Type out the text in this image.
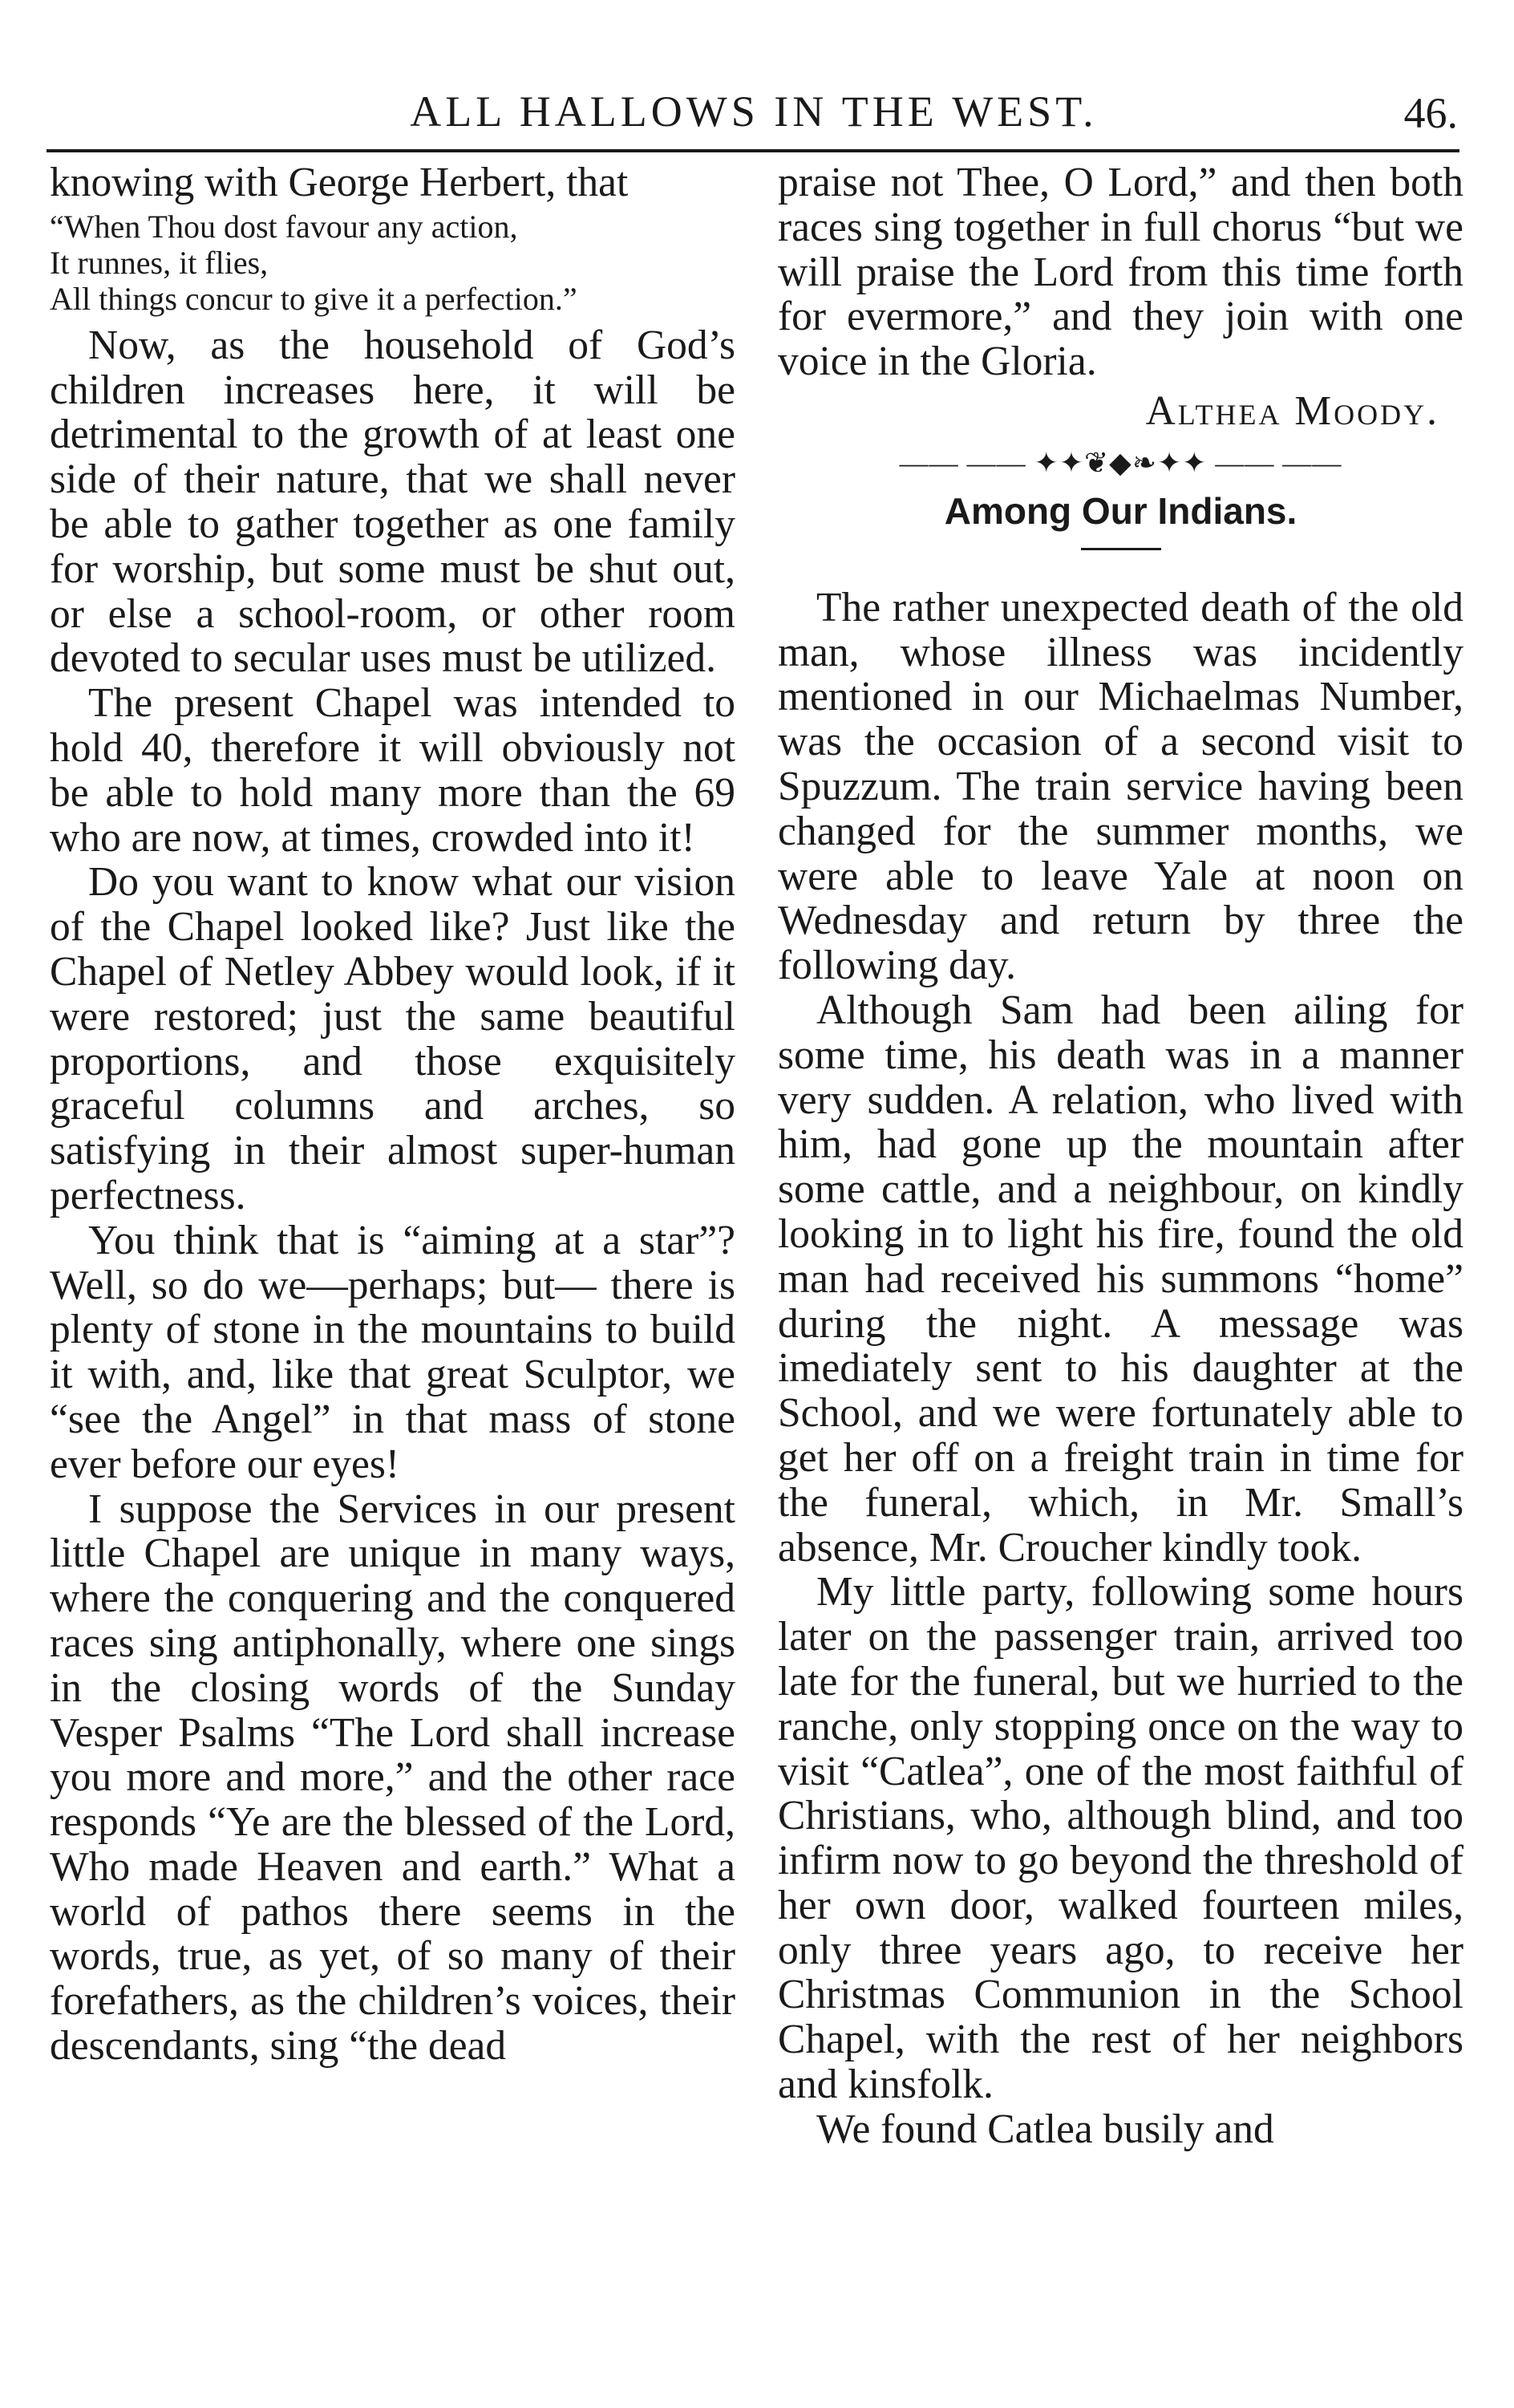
ALL HALLOWS IN THE WEST.	46.

knowing with George Herbert, that

“When Thou dost favour any action,
It runnes, it flies,
All things concur to give it a perfection.”

Now, as the household of God’s children increases here, it will be detrimental to the growth of at least one side of their nature, that we shall never be able to gather together as one family for worship, but some must be shut out, or else a school-room, or other room devoted to secular uses must be utilized.

The present Chapel was intended to hold 40, therefore it will obviously not be able to hold many more than the 69 who are now, at times, crowded into it!

Do you want to know what our vision of the Chapel looked like? Just like the Chapel of Netley Abbey would look, if it were restored; just the same beautiful proportions, and those exquisitely graceful columns and arches, so satisfying in their almost super-human perfectness.

You think that is “aiming at a star”? Well, so do we—perhaps; but— there is plenty of stone in the mountains to build it with, and, like that great Sculptor, we “see the Angel” in that mass of stone ever before our eyes!

I suppose the Services in our present little Chapel are unique in many ways, where the conquering and the conquered races sing antiphonally, where one sings in the closing words of the Sunday Vesper Psalms “The Lord shall increase you more and more,” and the other race responds “Ye are the blessed of the Lord, Who made Heaven and earth.” What a world of pathos there seems in the words, true, as yet, of so many of their forefathers, as the children’s voices, their descendants, sing “the dead

praise not Thee, O Lord,” and then both races sing together in full chorus “but we will praise the Lord from this time forth for evermore,” and they join with one voice in the Gloria.

Althea Moody.
—— —— ✦✦❦◆❧✦✦ —— ——
Among Our Indians.

The rather unexpected death of the old man, whose illness was incidently mentioned in our Michaelmas Number, was the occasion of a second visit to Spuzzum. The train service having been changed for the summer months, we were able to leave Yale at noon on Wednesday and return by three the following day.

Although Sam had been ailing for some time, his death was in a manner very sudden. A relation, who lived with him, had gone up the mountain after some cattle, and a neighbour, on kindly looking in to light his fire, found the old man had received his summons “home” during the night. A message was imediately sent to his daughter at the School, and we were fortunately able to get her off on a freight train in time for the funeral, which, in Mr. Small’s absence, Mr. Croucher kindly took.

My little party, following some hours later on the passenger train, arrived too late for the funeral, but we hurried to the ranche, only stopping once on the way to visit “Catlea”, one of the most faithful of Christians, who, although blind, and too infirm now to go beyond the threshold of her own door, walked fourteen miles, only three years ago, to receive her Christmas Communion in the School Chapel, with the rest of her neighbors and kinsfolk.

We found Catlea busily and
